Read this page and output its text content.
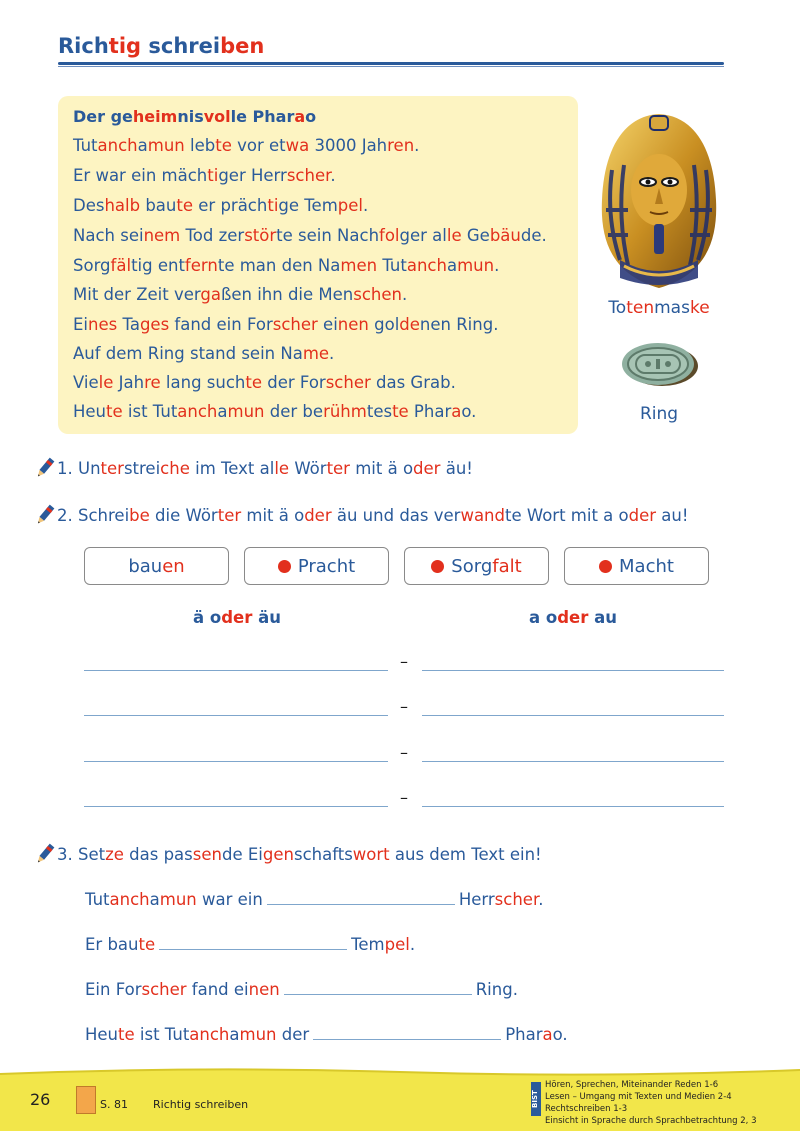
Richtig schreiben
Der geheimnisvolle Pharao
Tutanchamun lebte vor etwa 3000 Jahren.
Er war ein mächtiger Herrscher.
Deshalb baute er prächtige Tempel.
Nach seinem Tod zerstörte sein Nachfolger alle Gebäude.
Sorgfältig entfernte man den Namen Tutanchamun.
Mit der Zeit vergaßen ihn die Menschen.
Eines Tages fand ein Forscher einen goldenen Ring.
Auf dem Ring stand sein Name.
Viele Jahre lang suchte der Forscher das Grab.
Heute ist Tutanchamun der berühmteste Pharao.
Totenmaske
Ring
1. Unterstreiche im Text alle Wörter mit ä oder äu!
2. Schreibe die Wörter mit ä oder äu und das verwandte Wort mit a oder au!
bau en	Pracht	Sorgfalt	Macht
ä oder äu	a oder au
–
–
–
–
3. Setze das passende Eigenschaftswort aus dem Text ein!
Tutanchamun war ein	Herrscher.
Er baute	Tempel.
Ein Forscher fand einen	Ring.
Heute ist Tutanchamun der	Pharao.
26	S. 81 Richtig schreiben	BIST
Hören, Sprechen, Miteinander Reden 1-6
Lesen – Umgang mit Texten und Medien 2-4
Rechtschreiben 1-3
Einsicht in Sprache durch Sprachbetrachtung 2, 3
